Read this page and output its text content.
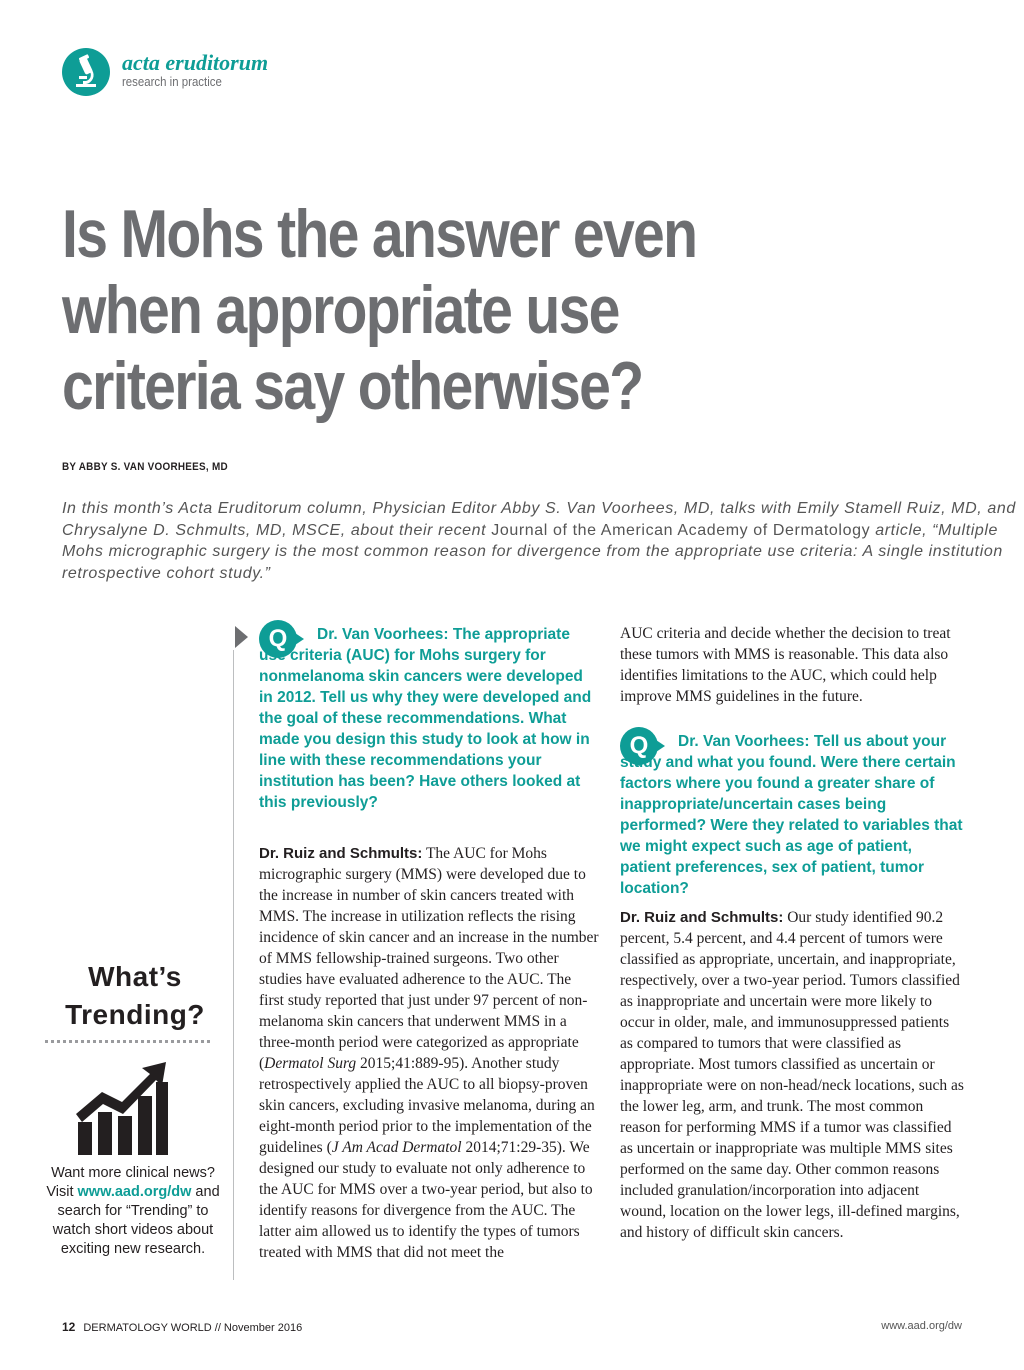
acta eruditorum
research in practice
Is Mohs the answer even
when appropriate use
criteria say otherwise?
BY ABBY S. VAN VOORHEES, MD
In this month’s Acta Eruditorum column, Physician Editor Abby S. Van Voorhees, MD, talks with Emily Stamell Ruiz, MD, and Chrysalyne D. Schmults, MD, MSCE, about their recent Journal of the American Academy of Dermatology article, “Multiple Mohs micrographic surgery is the most common reason for divergence from the appropriate use criteria: A single institution retrospective cohort study.”
What’s Trending?
Want more clinical news? Visit www.aad.org/dw and search for “Trending” to watch short videos about exciting new research.
Q	Dr. Van Voorhees: The appropriate use criteria (AUC) for Mohs surgery for nonmelanoma skin cancers were developed in 2012. Tell us why they were developed and the goal of these recommendations. What made you design this study to look at how in line with these recommendations your institution has been? Have others looked at this previously?
Dr. Ruiz and Schmults: The AUC for Mohs micrographic surgery (MMS) were developed due to the increase in number of skin cancers treated with MMS. The increase in utilization reflects the rising incidence of skin cancer and an increase in the number of MMS fellowship-trained surgeons. Two other studies have evaluated adherence to the AUC. The first study reported that just under 97 percent of non-melanoma skin cancers that underwent MMS in a three-month period were categorized as appropriate (Dermatol Surg 2015;41:889-95). Another study retrospectively applied the AUC to all biopsy-proven skin cancers, excluding invasive melanoma, during an eight-month period prior to the implementation of the guidelines (J Am Acad Dermatol 2014;71:29-35). We designed our study to evaluate not only adherence to the AUC for MMS over a two-year period, but also to identify reasons for divergence from the AUC. The latter aim allowed us to identify the types of tumors treated with MMS that did not meet the
AUC criteria and decide whether the decision to treat these tumors with MMS is reasonable. This data also identifies limitations to the AUC, which could help improve MMS guidelines in the future.
Q	Dr. Van Voorhees: Tell us about your study and what you found. Were there certain factors where you found a greater share of inappropriate/uncertain cases being performed? Were they related to variables that we might expect such as age of patient, patient preferences, sex of patient, tumor location?
Dr. Ruiz and Schmults: Our study identified 90.2 percent, 5.4 percent, and 4.4 percent of tumors were classified as appropriate, uncertain, and inappropriate, respectively, over a two-year period. Tumors classified as inappropriate and uncertain were more likely to occur in older, male, and immunosuppressed patients as compared to tumors that were classified as appropriate. Most tumors classified as uncertain or inappropriate were on non-head/neck locations, such as the lower leg, arm, and trunk. The most common reason for performing MMS if a tumor was classified as uncertain or inappropriate was multiple MMS sites performed on the same day. Other common reasons included granulation/incorporation into adjacent wound, location on the lower legs, ill-defined margins, and history of difficult skin cancers.
12 DERMATOLOGY WORLD // November 2016	www.aad.org/dw
